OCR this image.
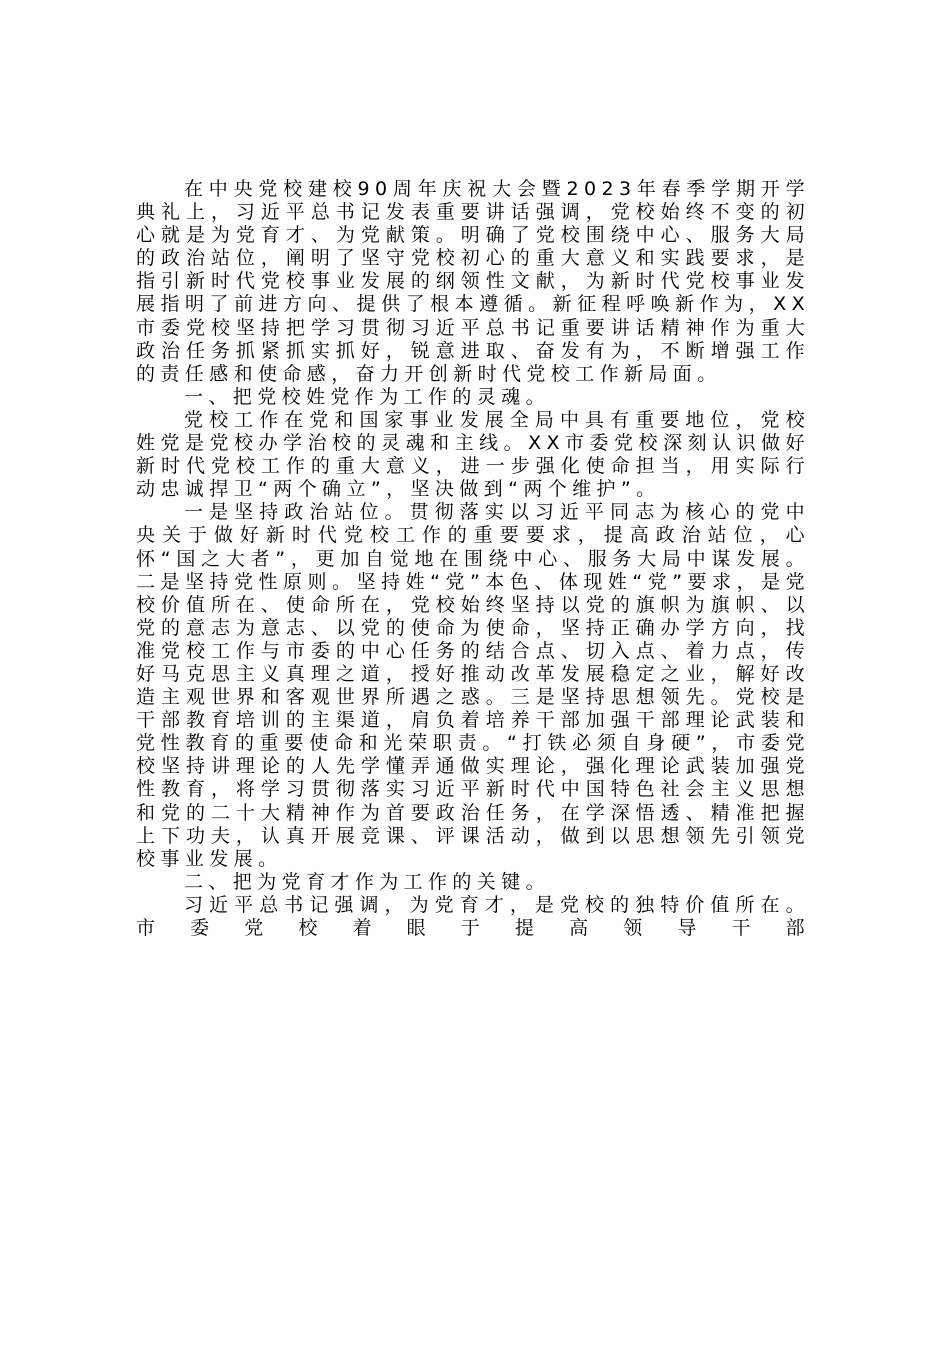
在中央党校建校90周年庆祝大会暨2023年春季学期开学典礼上，习近平总书记发表重要讲话强调，党校始终不变的初心就是为党育才、为党献策。明确了党校围绕中心、服务大局的政治站位，阐明了坚守党校初心的重大意义和实践要求，是指引新时代党校事业发展的纲领性文献，为新时代党校事业发展指明了前进方向、提供了根本遵循。新征程呼唤新作为，XX市委党校坚持把学习贯彻习近平总书记重要讲话精神作为重大政治任务抓紧抓实抓好，锐意进取、奋发有为，不断增强工作的责任感和使命感，奋力开创新时代党校工作新局面。

一、把党校姓党作为工作的灵魂。

党校工作在党和国家事业发展全局中具有重要地位，党校姓党是党校办学治校的灵魂和主线。XX市委党校深刻认识做好新时代党校工作的重大意义，进一步强化使命担当，用实际行动忠诚捍卫“两个确立”，坚决做到“两个维护”。

一是坚持政治站位。贯彻落实以习近平同志为核心的党中央关于做好新时代党校工作的重要要求，提高政治站位，心怀“国之大者”，更加自觉地在围绕中心、服务大局中谋发展。二是坚持党性原则。坚持姓“党”本色、体现姓“党”要求，是党校价值所在、使命所在，党校始终坚持以党的旗帜为旗帜、以党的意志为意志、以党的使命为使命，坚持正确办学方向，找准党校工作与市委的中心任务的结合点、切入点、着力点，传好马克思主义真理之道，授好推动改革发展稳定之业，解好改造主观世界和客观世界所遇之惑。三是坚持思想领先。党校是干部教育培训的主渠道，肩负着培养干部加强干部理论武装和党性教育的重要使命和光荣职责。“打铁必须自身硬”，市委党校坚持讲理论的人先学懂弄通做实理论，强化理论武装加强党性教育，将学习贯彻落实习近平新时代中国特色社会主义思想和党的二十大精神作为首要政治任务，在学深悟透、精准把握上下功夫，认真开展竞课、评课活动，做到以思想领先引领党校事业发展。

二、把为党育才作为工作的关键。

习近平总书记强调，为党育才，是党校的独特价值所在。市委党校着眼于提高领导干部
